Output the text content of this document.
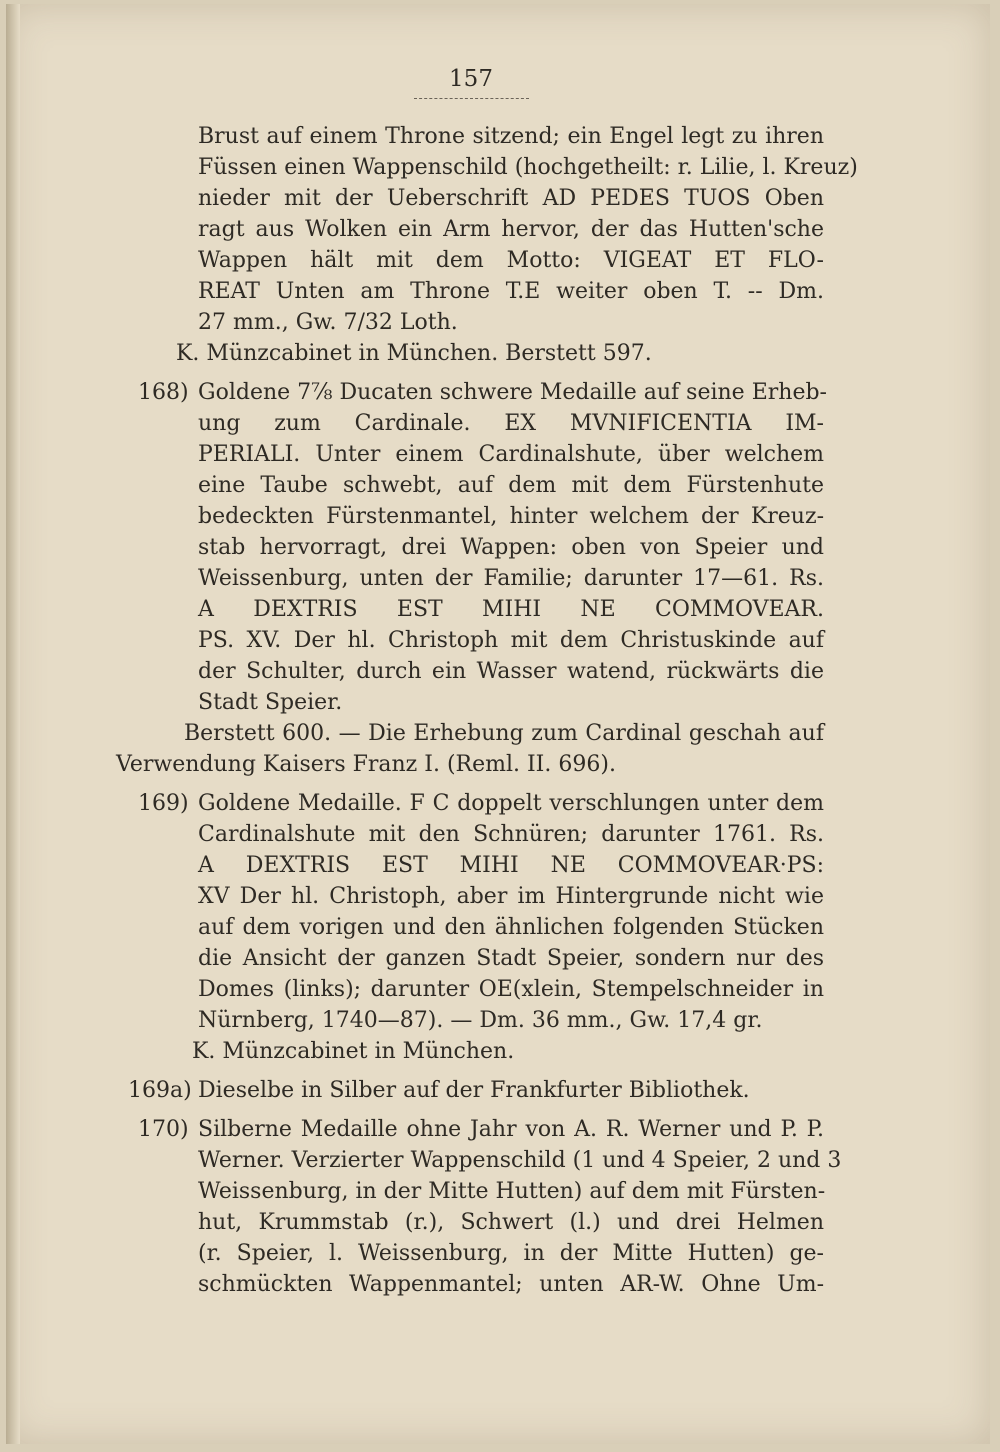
157
Brust auf einem Throne sitzend; ein Engel legt zu ihren
Füssen einen Wappenschild (hochgetheilt: r. Lilie, l. Kreuz)
nieder mit der Ueberschrift AD PEDES TUOS Oben
ragt aus Wolken ein Arm hervor, der das Hutten'sche
Wappen hält mit dem Motto: VIGEAT ET FLO-
REAT Unten am Throne T.E weiter oben T. -- Dm.
27 mm., Gw. 7/32 Loth.
K. Münzcabinet in München. Berstett 597.
168) Goldene 7⅞ Ducaten schwere Medaille auf seine Erheb-
ung zum Cardinale. EX MVNIFICENTIA IM-
PERIALI. Unter einem Cardinalshute, über welchem
eine Taube schwebt, auf dem mit dem Fürstenhute
bedeckten Fürstenmantel, hinter welchem der Kreuz-
stab hervorragt, drei Wappen: oben von Speier und
Weissenburg, unten der Familie; darunter 17—61. Rs.
A DEXTRIS EST MIHI NE COMMOVEAR.
PS. XV. Der hl. Christoph mit dem Christuskinde auf
der Schulter, durch ein Wasser watend, rückwärts die
Stadt Speier.
Berstett 600. — Die Erhebung zum Cardinal geschah auf
Verwendung Kaisers Franz I. (Reml. II. 696).
169) Goldene Medaille. F C doppelt verschlungen unter dem
Cardinalshute mit den Schnüren; darunter 1761. Rs.
A DEXTRIS EST MIHI NE COMMOVEAR·PS:
XV Der hl. Christoph, aber im Hintergrunde nicht wie
auf dem vorigen und den ähnlichen folgenden Stücken
die Ansicht der ganzen Stadt Speier, sondern nur des
Domes (links); darunter OE(xlein, Stempelschneider in
Nürnberg, 1740—87). — Dm. 36 mm., Gw. 17,4 gr.
K. Münzcabinet in München.
169a) Dieselbe in Silber auf der Frankfurter Bibliothek.
170) Silberne Medaille ohne Jahr von A. R. Werner und P. P.
Werner. Verzierter Wappenschild (1 und 4 Speier, 2 und 3
Weissenburg, in der Mitte Hutten) auf dem mit Fürsten-
hut, Krummstab (r.), Schwert (l.) und drei Helmen
(r. Speier, l. Weissenburg, in der Mitte Hutten) ge-
schmückten Wappenmantel; unten AR-W. Ohne Um-
